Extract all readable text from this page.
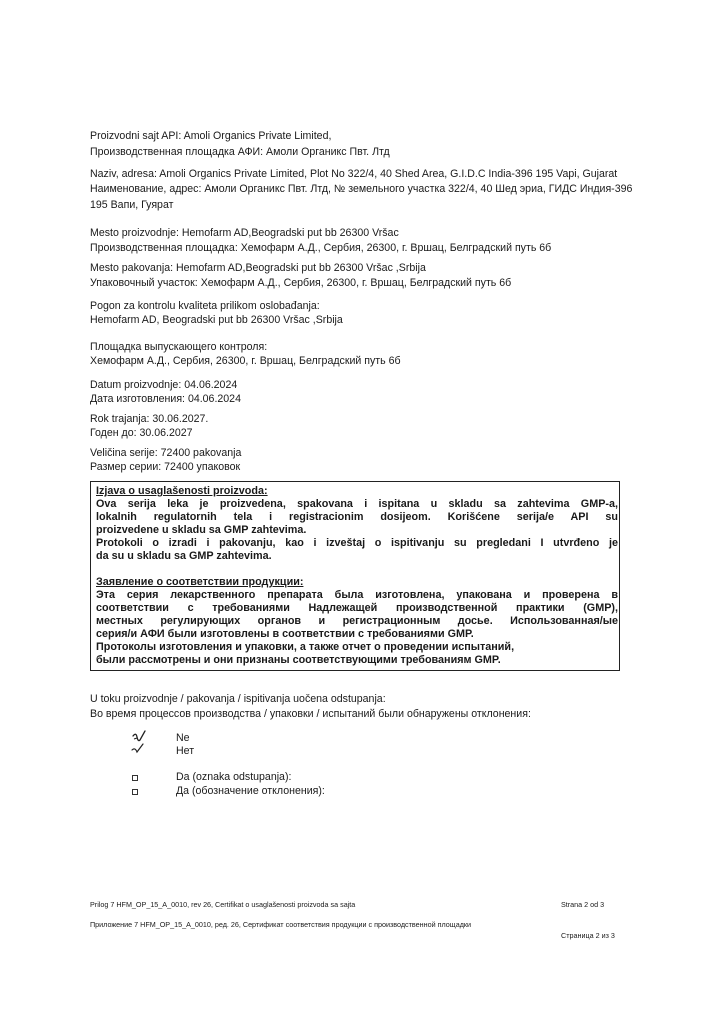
Proizvodni sajt API: Amoli Organics Private Limited,
Производственная площадка АФИ: Амоли Органикс Пвт. Лтд
Naziv, adresa: Amoli Organics Private Limited, Plot No 322/4, 40 Shed Area, G.I.D.C India-396 195 Vapi, Gujarat
Наименование, адрес: Амоли Органикс Пвт. Лтд, № земельного участка 322/4, 40 Шед эриа, ГИДС Индия-396
195 Вапи, Гуярат
Mesto proizvodnje: Hemofarm AD,Beogradski put bb 26300 Vršac
Производственная площадка: Хемофарм А.Д., Сербия, 26300, г. Вршац, Белградский путь 6б
Mesto pakovanja: Hemofarm AD,Beogradski put bb 26300 Vršac ,Srbija
Упаковочный участок: Хемофарм А.Д., Сербия, 26300, г. Вршац, Белградский путь 6б
Pogon za kontrolu kvaliteta prilikom oslobađanja:
Hemofarm AD, Beogradski put bb 26300 Vršac ,Srbija
Площадка выпускающего контроля:
Хемофарм А.Д., Сербия, 26300, г. Вршац, Белградский путь 6б
Datum proizvodnje: 04.06.2024
Дата изготовления: 04.06.2024
Rok trajanja: 30.06.2027.
Годен до: 30.06.2027
Veličina serije: 72400 pakovanja
Размер серии: 72400 упаковок
Izjava o usaglašenosti proizvoda:
Ova serija leka je proizvedena, spakovana i ispitana u skladu sa zahtevima GMP-a,
lokalnih regulatornih tela i registracionim dosijeom. Korišćene serija/e API su
proizvedene u skladu sa GMP zahtevima.
Protokoli o izradi i pakovanju, kao i izveštaj o ispitivanju su pregledani I utvrđeno je
da su u skladu sa GMP zahtevima.
Заявление о соответствии продукции:
Эта серия лекарственного препарата была изготовлена, упакована и проверена в
соответствии с требованиями Надлежащей производственной практики (GMP),
местных регулирующих органов и регистрационным досье. Использованная/ые
серия/и АФИ были изготовлены в соответствии с требованиями GMP.
Протоколы изготовления и упаковки, а также отчет о проведении испытаний,
были рассмотрены и они признаны соответствующими требованиям GMP.
U toku proizvodnje / pakovanja / ispitivanja uočena odstupanja:
Во время процессов производства / упаковки / испытаний были обнаружены отклонения:
Ne
Нет
Da (oznaka odstupanja):
Да (обозначение отклонения):
Prilog 7 HFM_OP_15_A_0010, rev 26, Certifikat o usaglašenosti proizvoda sa sajta	Strana 2 od 3
Приложение 7 HFM_OP_15_A_0010, ред. 26, Сертификат соответствия продукции с производственной площадки
Страница 2 из 3
